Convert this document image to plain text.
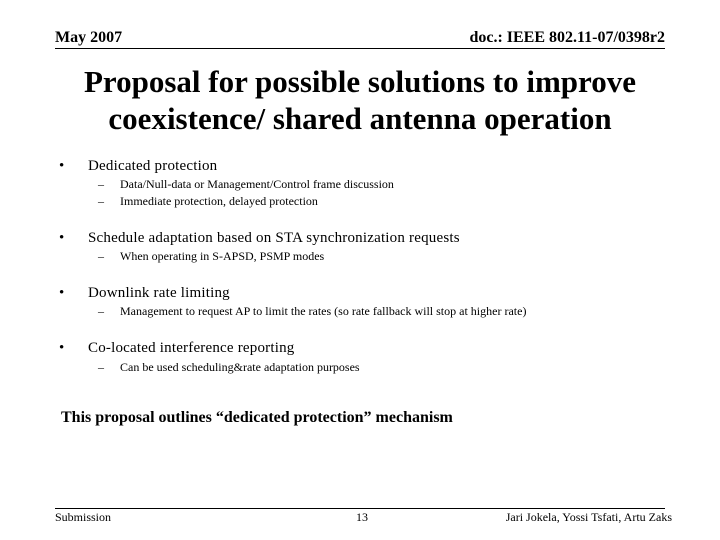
May 2007	doc.: IEEE 802.11-07/0398r2
Proposal for possible solutions to improve
coexistence/ shared antenna operation
• Dedicated protection
– Data/Null-data or Management/Control frame discussion
– Immediate protection, delayed protection
• Schedule adaptation based on STA synchronization requests
– When operating in S-APSD, PSMP modes
• Downlink rate limiting
– Management to request AP to limit the rates (so rate fallback will stop at higher rate)
• Co-located interference reporting
– Can be used scheduling&rate adaptation purposes
This proposal outlines “dedicated protection” mechanism
Submission	13	Jari Jokela, Yossi Tsfati, Artu Zaks
